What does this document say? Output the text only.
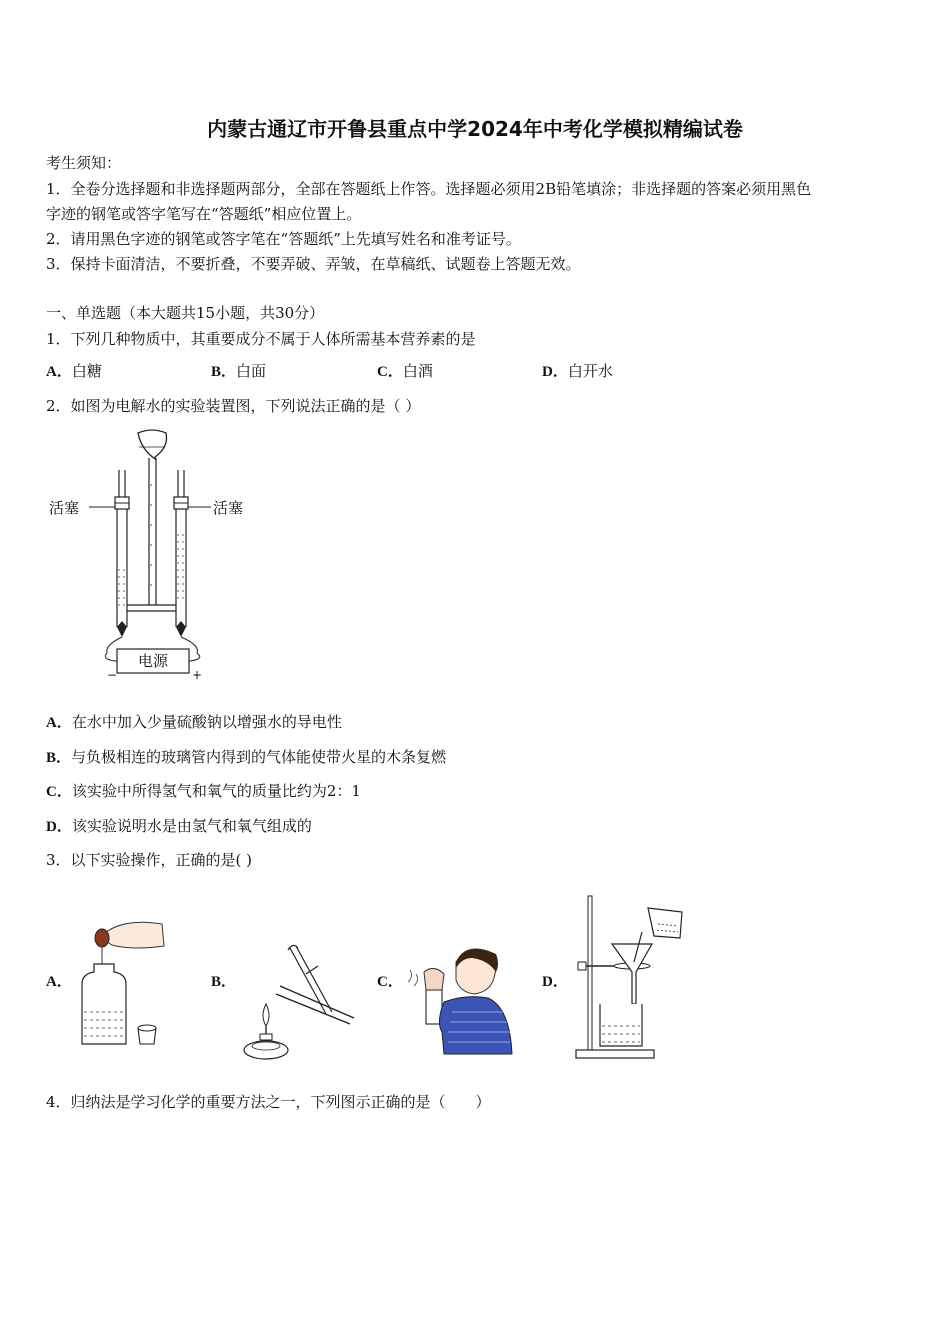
内蒙古通辽市开鲁县重点中学2024年中考化学模拟精编试卷
考生须知：
1．全卷分选择题和非选择题两部分，全部在答题纸上作答。选择题必须用2B铅笔填涂；非选择题的答案必须用黑色
字迹的钢笔或答字笔写在“答题纸”相应位置上。
2．请用黑色字迹的钢笔或答字笔在“答题纸”上先填写姓名和准考证号。
3．保持卡面清洁，不要折叠，不要弄破、弄皱，在草稿纸、试题卷上答题无效。
一、单选题（本大题共15小题，共30分）
1．下列几种物质中，其重要成分不属于人体所需基本营养素的是
A．白糖	B．白面	C．白酒	D．白开水
2．如图为电解水的实验装置图，下列说法正确的是（ ）
电源
−	+
活塞	活塞
A．在水中加入少量硫酸钠以增强水的导电性
B．与负极相连的玻璃管内得到的气体能使带火星的木条复燃
C．该实验中所得氢气和氧气的质量比约为2：1
D．该实验说明水是由氢气和氧气组成的
3．以下实验操作，正确的是( )
A．	B．	C．	D．
4．归纳法是学习化学的重要方法之一，下列图示正确的是（　　）
